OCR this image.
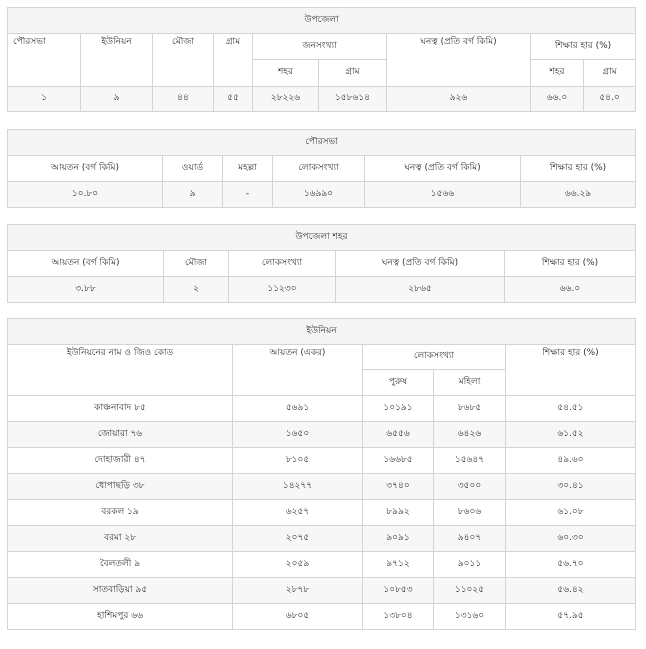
উপজেলা								
পৌরসভা	ইউনিয়ন	মৌজা	গ্রাম	জনসংখ্যা		ঘনত্ব (প্রতি বর্গ কিমি)	শিক্ষার হার (%)	
				শহর	গ্রাম		শহর	গ্রাম
১	৯	৪৪	৫৫	২৮২২৬	১৫৮৬১৪	৯২৬	৬৬.০	৫৪.০
পৌরসভা					
আয়তন (বর্গ কিমি)	ওয়ার্ড	মহল্লা	লোকসংখ্যা	ঘনত্ব (প্রতি বর্গ কিমি)	শিক্ষার হার (%)
১০.৮০	৯	-	১৬৯৯০	১৫৬৬	৬৬.২৯
উপজেলা শহর				
আয়তন (বর্গ কিমি)	মৌজা	লোকসংখ্যা	ঘনত্ব (প্রতি বর্গ কিমি)	শিক্ষার হার (%)
৩.৮৮	২	১১২৩০	২৮৬৫	৬৬.০
ইউনিয়ন				
ইউনিয়নের নাম ও জিও কোড	আয়তন (একর)	লোকসংখ্যা		শিক্ষার হার (%)
		পুরুষ	মহিলা	
কাঞ্চনাবাদ ৮৫	৫৬৯১	১০১৯১	৮৬৮৫	৫৪.৫১
জোয়ারা ৭৬	১৬৫০	৬৫৫৬	৬৪২৬	৬১.৫২
দোহাজারী ৪৭	৮১০৫	১৬৬৮৫	১৫৬৪৭	৪৯.৬০
ধোপাছড়ি ৩৮	১৪২৭৭	৩৭৪০	৩৫০০	৩০.৪১
বরকল ১৯	৬২৫৭	৮৯৯২	৮৬০৬	৬১.০৮
বরমা ২৮	২০৭৫	৯০৯১	৯৪০৭	৬০.৩০
বৈলতলী ৯	২০৫৯	৯৭১২	৯০১১	৫৬.৭০
সাতবাড়িয়া ৯৫	২৮৭৮	১০৮৫৩	১১০২৫	৫৬.৪২
হাশিমপুর ৬৬	৬৮০৫	১৩৮০৪	১৩১৬০	৫৭.৯৫
